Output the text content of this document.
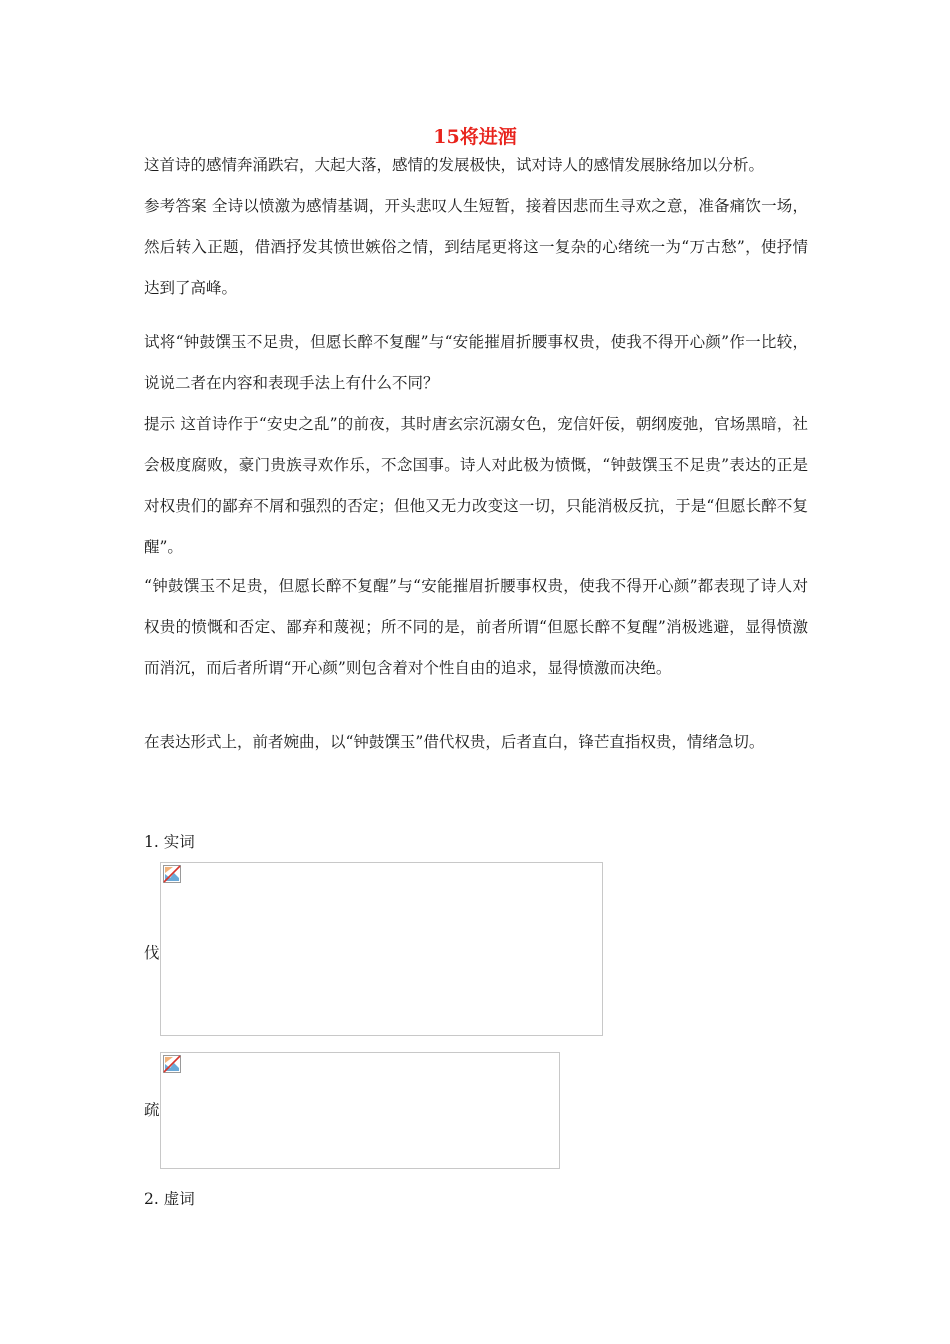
15将进酒

这首诗的感情奔涌跌宕，大起大落，感情的发展极快，试对诗人的感情发展脉络加以分析。

参考答案 全诗以愤激为感情基调，开头悲叹人生短暂，接着因悲而生寻欢之意，准备痛饮一场，然后转入正题，借酒抒发其愤世嫉俗之情，到结尾更将这一复杂的心绪统一为“万古愁”，使抒情达到了高峰。

试将“钟鼓馔玉不足贵，但愿长醉不复醒”与“安能摧眉折腰事权贵，使我不得开心颜”作一比较，说说二者在内容和表现手法上有什么不同？

提示 这首诗作于“安史之乱”的前夜，其时唐玄宗沉溺女色，宠信奸佞，朝纲废弛，官场黑暗，社会极度腐败，豪门贵族寻欢作乐，不念国事。诗人对此极为愤慨，“钟鼓馔玉不足贵”表达的正是对权贵们的鄙弃不屑和强烈的否定；但他又无力改变这一切，只能消极反抗，于是“但愿长醉不复醒”。

“钟鼓馔玉不足贵，但愿长醉不复醒”与“安能摧眉折腰事权贵，使我不得开心颜”都表现了诗人对权贵的愤慨和否定、鄙弃和蔑视；所不同的是，前者所谓“但愿长醉不复醒”消极逃避，显得愤激而消沉，而后者所谓“开心颜”则包含着对个性自由的追求，显得愤激而决绝。

在表达形式上，前者婉曲，以“钟鼓馔玉”借代权贵，后者直白，锋芒直指权贵，情绪急切。

1. 实词
伐
疏
2. 虚词
